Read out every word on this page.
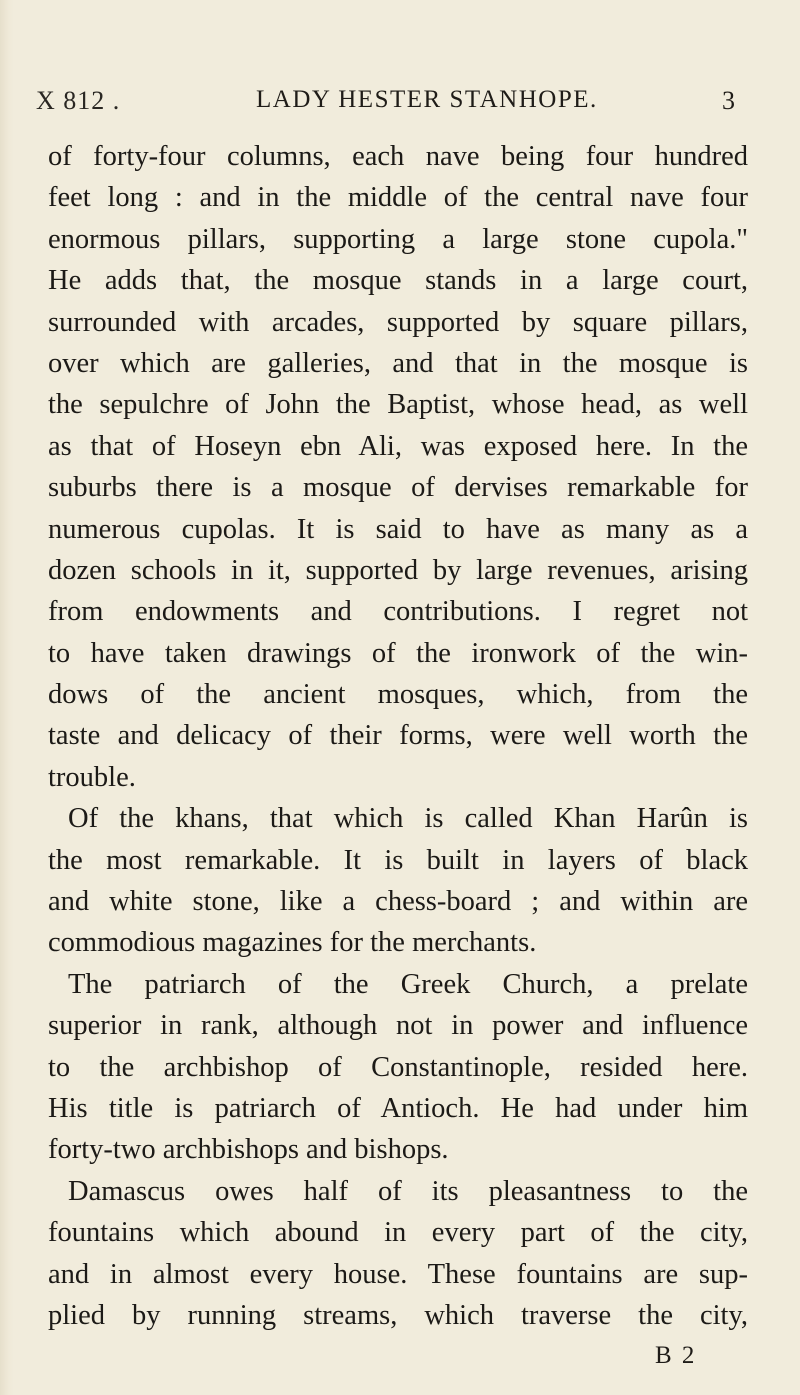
X 812 .	LADY HESTER STANHOPE.	3
of forty-four columns, each nave being four hundred
feet long : and in the middle of the central nave four
enormous pillars, supporting a large stone cupola."
He adds that, the mosque stands in a large court,
surrounded with arcades, supported by square pillars,
over which are galleries, and that in the mosque is
the sepulchre of John the Baptist, whose head, as well
as that of Hoseyn ebn Ali, was exposed here. In the
suburbs there is a mosque of dervises remarkable for
numerous cupolas. It is said to have as many as a
dozen schools in it, supported by large revenues, arising
from endowments and contributions. I regret not
to have taken drawings of the ironwork of the win-
dows of the ancient mosques, which, from the
taste and delicacy of their forms, were well worth the
trouble.
Of the khans, that which is called Khan Harûn is
the most remarkable. It is built in layers of black
and white stone, like a chess-board ; and within are
commodious magazines for the merchants.
The patriarch of the Greek Church, a prelate
superior in rank, although not in power and influence
to the archbishop of Constantinople, resided here.
His title is patriarch of Antioch. He had under him
forty-two archbishops and bishops.
Damascus owes half of its pleasantness to the
fountains which abound in every part of the city,
and in almost every house. These fountains are sup-
plied by running streams, which traverse the city,
B 2
